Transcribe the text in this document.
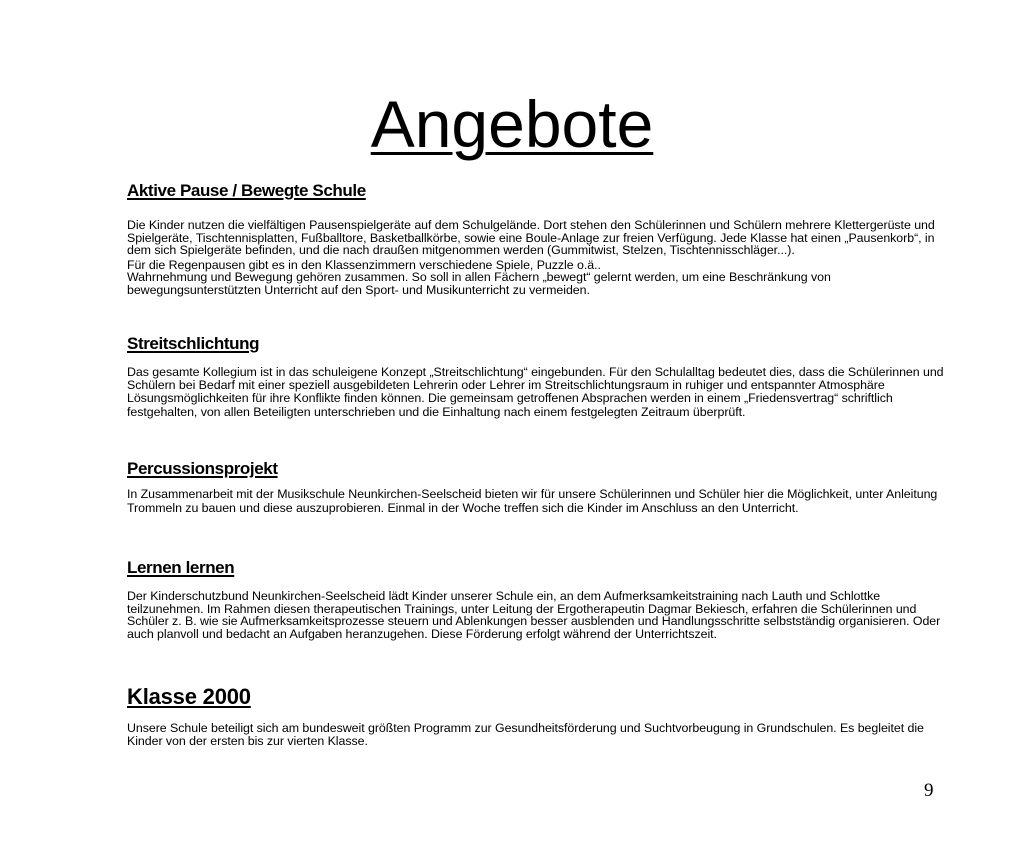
Angebote
Aktive Pause / Bewegte Schule

Die Kinder nutzen die vielfältigen Pausenspielgeräte auf dem Schulgelände. Dort stehen den Schülerinnen und Schülern mehrere Klettergerüste und Spielgeräte, Tischtennisplatten, Fußballtore, Basketballkörbe, sowie eine Boule-Anlage zur freien Verfügung. Jede Klasse hat einen „Pausenkorb“, in dem sich Spielgeräte befinden, und die nach draußen mitgenommen werden (Gummitwist, Stelzen, Tischtennisschläger...).

Für die Regenpausen gibt es in den Klassenzimmern verschiedene Spiele, Puzzle o.ä..

Wahrnehmung und Bewegung gehören zusammen. So soll in allen Fächern „bewegt“ gelernt werden, um eine Beschränkung von bewegungsunterstützten Unterricht auf den Sport- und Musikunterricht zu vermeiden.

Streitschlichtung

Das gesamte Kollegium ist in das schuleigene Konzept „Streitschlichtung“ eingebunden. Für den Schulalltag bedeutet dies, dass die Schülerinnen und Schülern bei Bedarf mit einer speziell ausgebildeten Lehrerin oder Lehrer im Streitschlichtungsraum in ruhiger und entspannter Atmosphäre Lösungsmöglichkeiten für ihre Konflikte finden können. Die gemeinsam getroffenen Absprachen werden in einem „Friedensvertrag“ schriftlich festgehalten, von allen Beteiligten unterschrieben und die Einhaltung nach einem festgelegten Zeitraum überprüft.

Percussionsprojekt

In Zusammenarbeit mit der Musikschule Neunkirchen-Seelscheid bieten wir für unsere Schülerinnen und Schüler hier die Möglichkeit, unter Anleitung Trommeln zu bauen und diese auszuprobieren. Einmal in der Woche treffen sich die Kinder im Anschluss an den Unterricht.

Lernen lernen

Der Kinderschutzbund Neunkirchen-Seelscheid lädt Kinder unserer Schule ein, an dem Aufmerksamkeitstraining nach Lauth und Schlottke teilzunehmen. Im Rahmen diesen therapeutischen Trainings, unter Leitung der Ergotherapeutin Dagmar Bekiesch, erfahren die Schülerinnen und Schüler z. B. wie sie Aufmerksamkeitsprozesse steuern und Ablenkungen besser ausblenden und Handlungsschritte selbstständig organisieren. Oder auch planvoll und bedacht an Aufgaben heranzugehen. Diese Förderung erfolgt während der Unterrichtszeit.

Klasse 2000

Unsere Schule beteiligt sich am bundesweit größten Programm zur Gesundheitsförderung und Suchtvorbeugung in Grundschulen. Es begleitet die Kinder von der ersten bis zur vierten Klasse.

9
